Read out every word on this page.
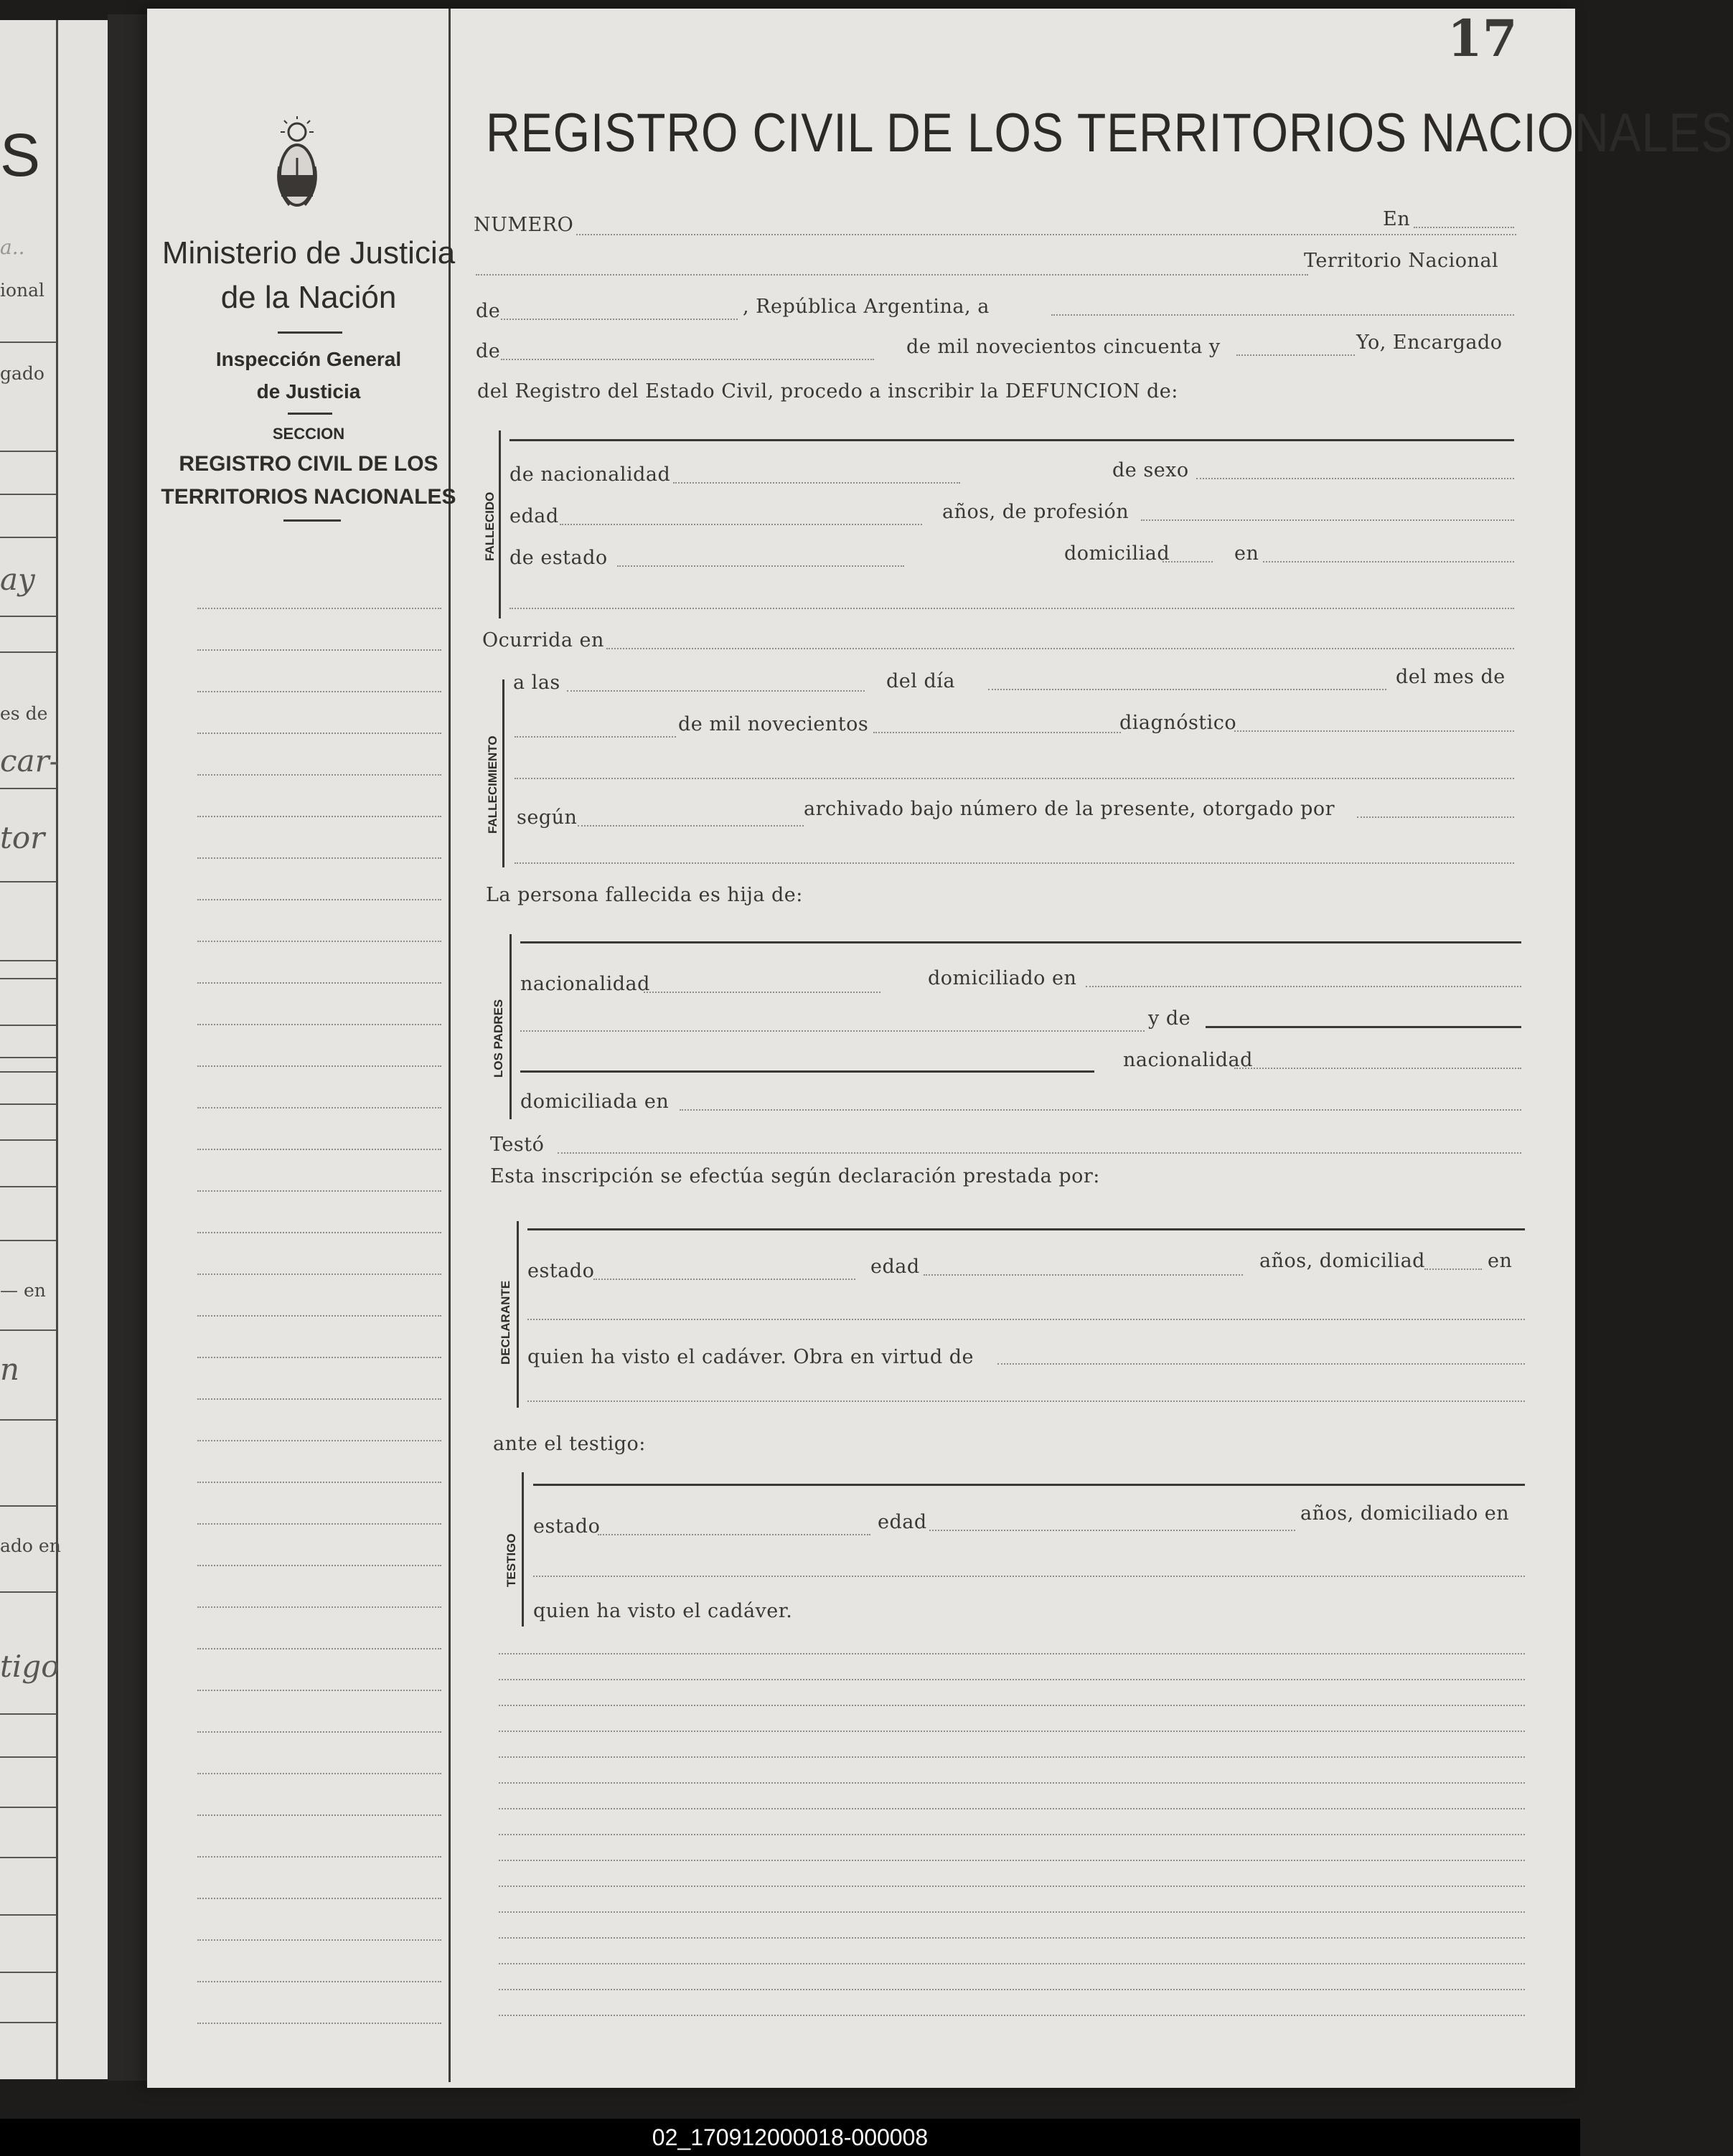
S
a..
ional
gado
ay
es de
car-
tor
— en
n
ado en
tigo
17
Ministerio de Justicia
de la Nación
Inspección General
de Justicia
SECCION
REGISTRO CIVIL DE LOS
TERRITORIOS NACIONALES
REGISTRO CIVIL DE LOS TERRITORIOS NACIONALES
NUMERO	En
Territorio Nacional
de	, República Argentina, a
de	de mil novecientos cincuenta y	Yo, Encargado
del Registro del Estado Civil, procedo a inscribir la DEFUNCION de:
FALLECIDO
de nacionalidad	de sexo
edad	años, de profesión
de estado	domiciliad	en
Ocurrida en
FALLECIMIENTO
a las	del día	del mes de
de mil novecientos	diagnóstico
según	archivado bajo número de la presente, otorgado por
La persona fallecida es hija de:
LOS PADRES
nacionalidad	domiciliado en
y de
nacionalidad
domiciliada en
Testó
Esta inscripción se efectúa según declaración prestada por:
DECLARANTE
estado	edad	años, domiciliad	en
quien ha visto el cadáver. Obra en virtud de
ante el testigo:
TESTIGO
estado	edad	años, domiciliado en
quien ha visto el cadáver.
02_170912000018-000008
